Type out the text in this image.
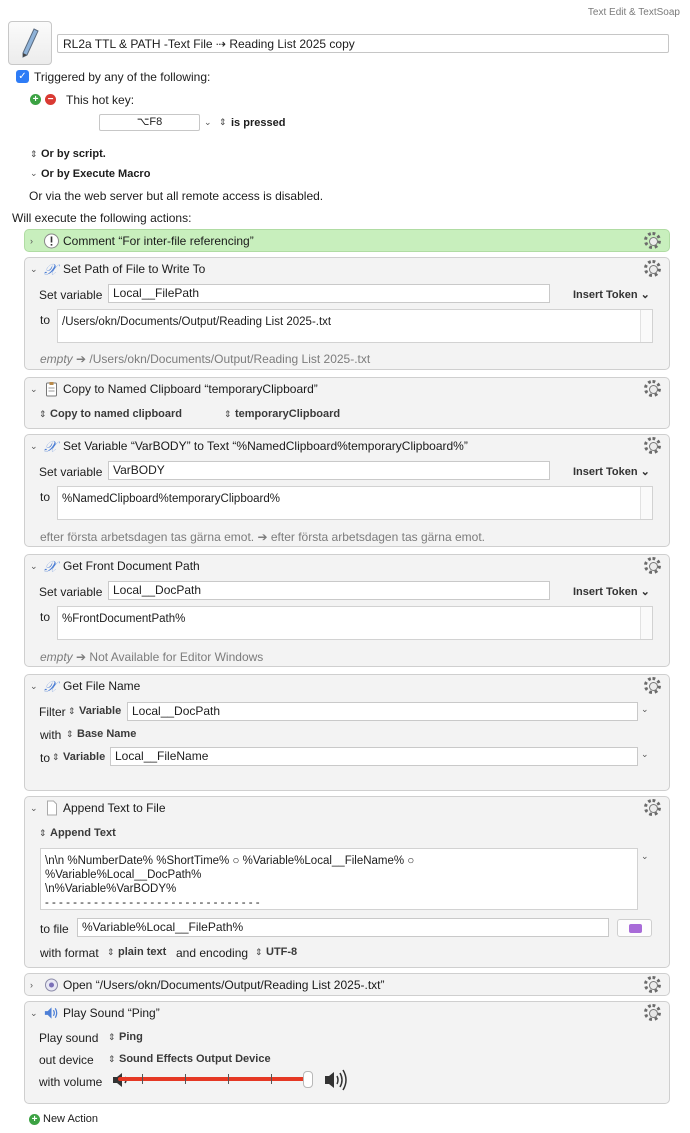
Text Edit & TextSoap
RL2a TTL & PATH -Text File ⇢ Reading List 2025 copy
✓ Triggered by any of the following:
+ − This hot key:
⌥F8	⌄ ⇕ is pressed
⇕ Or by script.
⌄ Or by Execute Macro
Or via the web server but all remote access is disabled.
Will execute the following actions:
›	Comment “For inter-file referencing”
⌄ 𝒳 Set Path of File to Write To
Set variable Local__FilePath	Insert Token ⌄
to	/Users/okn/Documents/Output/Reading List 2025-.txt
empty ➔ /Users/okn/Documents/Output/Reading List 2025-.txt
⌄ Copy to Named Clipboard “temporaryClipboard”
⇕ Copy to named clipboard	⇕ temporaryClipboard
⌄ 𝒳 Set Variable “VarBODY” to Text “%NamedClipboard%temporaryClipboard%”
Set variable VarBODY	Insert Token ⌄
to	%NamedClipboard%temporaryClipboard%
efter första arbetsdagen tas gärna emot. ➔ efter första arbetsdagen tas gärna emot.
⌄ 𝒳 Get Front Document Path
Set variable Local__DocPath	Insert Token ⌄
to	%FrontDocumentPath%
empty ➔ Not Available for Editor Windows
⌄ 𝒳 Get File Name
Filter ⇕ Variable Local__DocPath	⌄
with ⇕ Base Name
to ⇕ Variable Local__FileName	⌄
⌄ Append Text to File
⇕ Append Text
\n\n %NumberDate% %ShortTime% ○ %Variable%Local__FileName% ○
%Variable%Local__DocPath%
\n%Variable%VarBODY%
- - - - - - - - - - - - - - - - - - - - - - - - - - - - - - -
⌄
to file	%Variable%Local__FilePath%
with format ⇕ plain text and encoding ⇕ UTF-8
›	Open “/Users/okn/Documents/Output/Reading List 2025-.txt”
⌄ Play Sound “Ping”
Play sound ⇕ Ping
out device ⇕ Sound Effects Output Device
with volume
+ New Action
